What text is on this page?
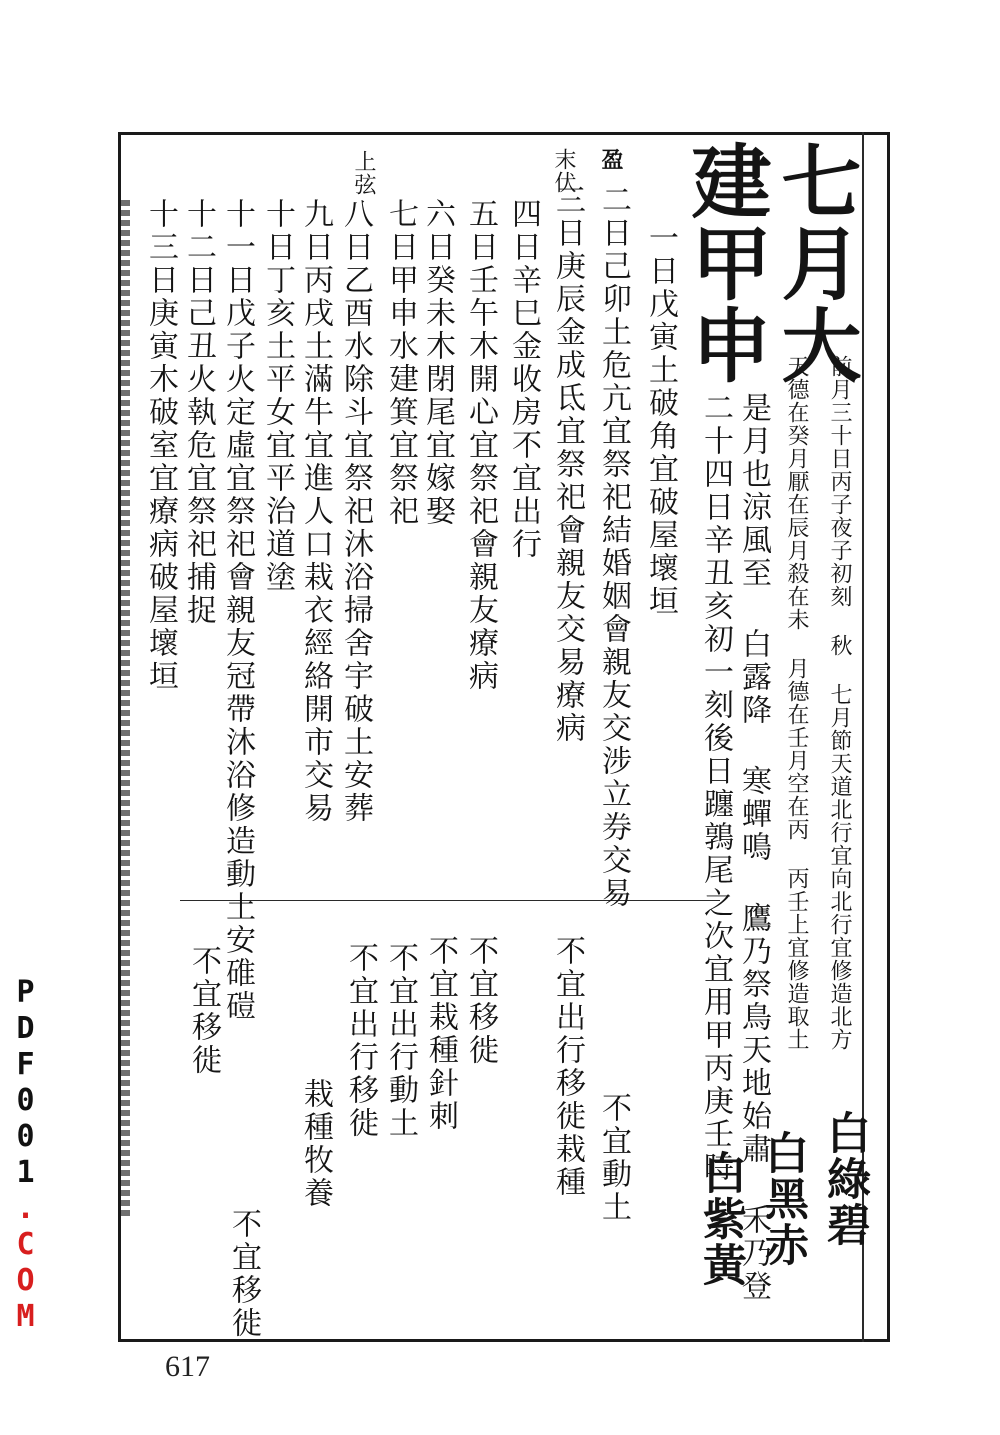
七月大
建甲申
前月三十日丙子夜子初刻 秋 七月節天道北行宜向北行宜修造北方
天德在癸月厭在辰月殺在未 月德在壬月空在丙 丙壬上宜修造取土
是月也涼風至 白露降 寒蟬鳴 鷹乃祭鳥天地始肅 禾乃登
二十四日辛丑亥初一刻後日躔鶉尾之次宜用甲丙庚壬時 白綠碧
白黑赤
白紫黃
盈
末伏
上弦
一日戊寅土破角宜破屋壞垣
二日己卯土危亢宜祭祀結婚姻會親友交涉立券交易
不宜動土
三日庚辰金成氐宜祭祀會親友交易療病
不宜出行移徙栽種
四日辛巳金收房不宜出行
五日壬午木開心宜祭祀會親友療病
不宜移徙
六日癸未木閉尾宜嫁娶
不宜栽種針刺
七日甲申水建箕宜祭祀
不宜出行動土
八日乙酉水除斗宜祭祀沐浴掃舍宇破土安葬
不宜出行移徙
九日丙戌土滿牛宜進人口栽衣經絡開市交易
栽種牧養
十日丁亥土平女宜平治道塗
十一日戊子火定虛宜祭祀會親友冠帶沐浴修造動土安碓磑
不宜移徙
十二日己丑火執危宜祭祀捕捉
不宜移徙
十三日庚寅木破室宜療病破屋壞垣
PDF001.COM
617
